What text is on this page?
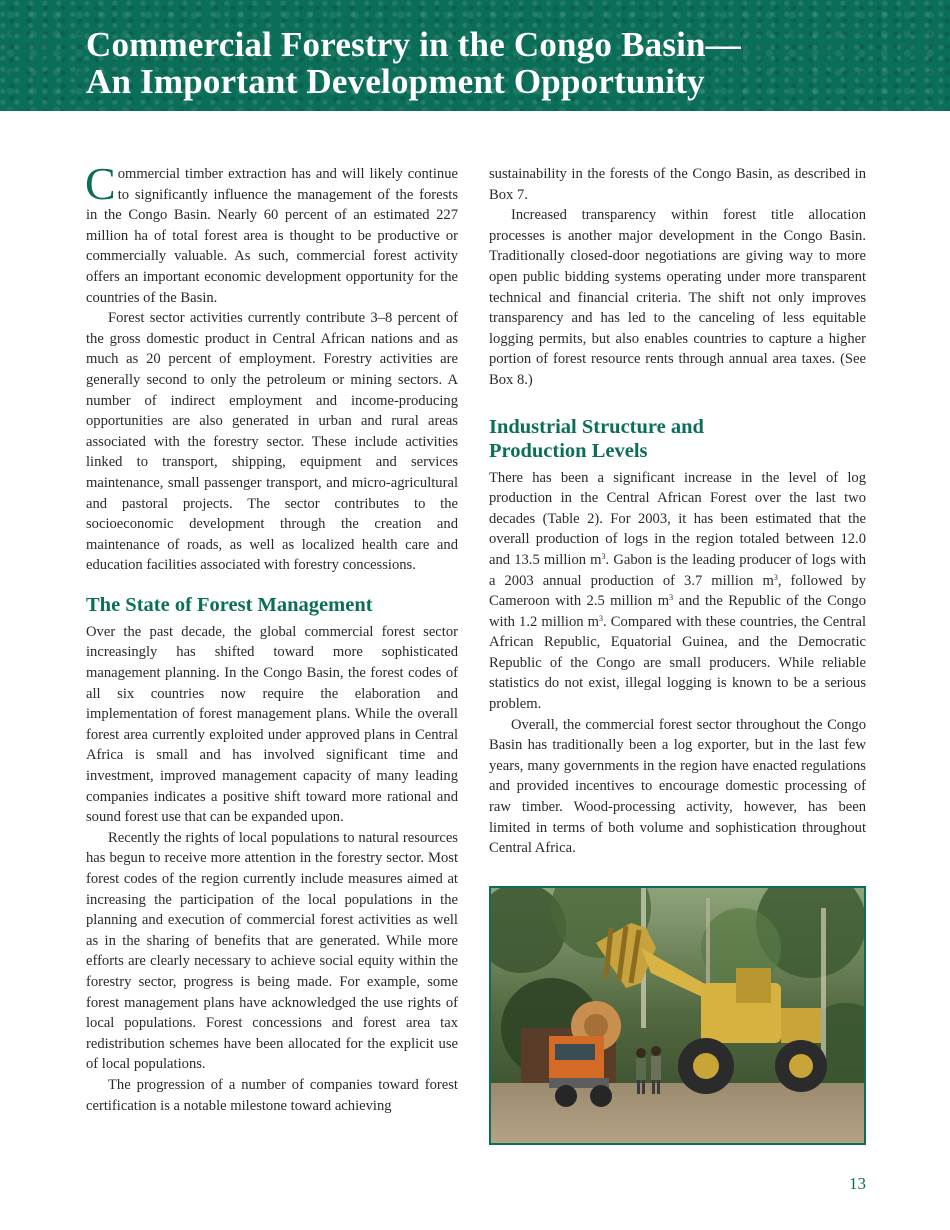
Commercial Forestry in the Congo Basin—
An Important Development Opportunity

Commercial timber extraction has and will likely continue to significantly influence the management of the forests in the Congo Basin. Nearly 60 percent of an estimated 227 million ha of total forest area is thought to be productive or commercially valuable. As such, commercial forest activity offers an important economic development opportunity for the countries of the Basin.

Forest sector activities currently contribute 3–8 percent of the gross domestic product in Central African nations and as much as 20 percent of employment. Forestry activities are generally second to only the petroleum or mining sectors. A number of indirect employment and income-producing opportunities are also generated in urban and rural areas associated with the forestry sector. These include activities linked to transport, shipping, equipment and services maintenance, small passenger transport, and micro-agricultural and pastoral projects. The sector contributes to the socioeconomic development through the creation and maintenance of roads, as well as localized health care and education facilities associated with forestry concessions.

The State of Forest Management

Over the past decade, the global commercial forest sector increasingly has shifted toward more sophisticated management planning. In the Congo Basin, the forest codes of all six countries now require the elaboration and implementation of forest management plans. While the overall forest area currently exploited under approved plans in Central Africa is small and has involved significant time and investment, improved management capacity of many leading companies indicates a positive shift toward more rational and sound forest use that can be expanded upon.

Recently the rights of local populations to natural resources has begun to receive more attention in the forestry sector. Most forest codes of the region currently include measures aimed at increasing the participation of the local populations in the planning and execution of commercial forest activities as well as in the sharing of benefits that are generated. While more efforts are clearly necessary to achieve social equity within the forestry sector, progress is being made. For example, some forest management plans have acknowledged the use rights of local populations. Forest concessions and forest area tax redistribution schemes have been allocated for the explicit use of local populations.

The progression of a number of companies toward forest certification is a notable milestone toward achieving

sustainability in the forests of the Congo Basin, as described in Box 7.

Increased transparency within forest title allocation processes is another major development in the Congo Basin. Traditionally closed-door negotiations are giving way to more open public bidding systems operating under more transparent technical and financial criteria. The shift not only improves transparency and has led to the canceling of less equitable logging permits, but also enables countries to capture a higher portion of forest resource rents through annual area taxes. (See Box 8.)

Industrial Structure and
Production Levels

There has been a significant increase in the level of log production in the Central African Forest over the last two decades (Table 2). For 2003, it has been estimated that the overall production of logs in the region totaled between 12.0 and 13.5 million $m^3$. Gabon is the leading producer of logs with a 2003 annual production of 3.7 million $m^3$, followed by Cameroon with 2.5 million $m^3$ and the Republic of the Congo with 1.2 million $m^3$. Compared with these countries, the Central African Republic, Equatorial Guinea, and the Democratic Republic of the Congo are small producers. While reliable statistics do not exist, illegal logging is known to be a serious problem.

Overall, the commercial forest sector throughout the Congo Basin has traditionally been a log exporter, but in the last few years, many governments in the region have enacted regulations and provided incentives to encourage domestic processing of raw timber. Wood-processing activity, however, has been limited in terms of both volume and sophistication throughout Central Africa.

13
